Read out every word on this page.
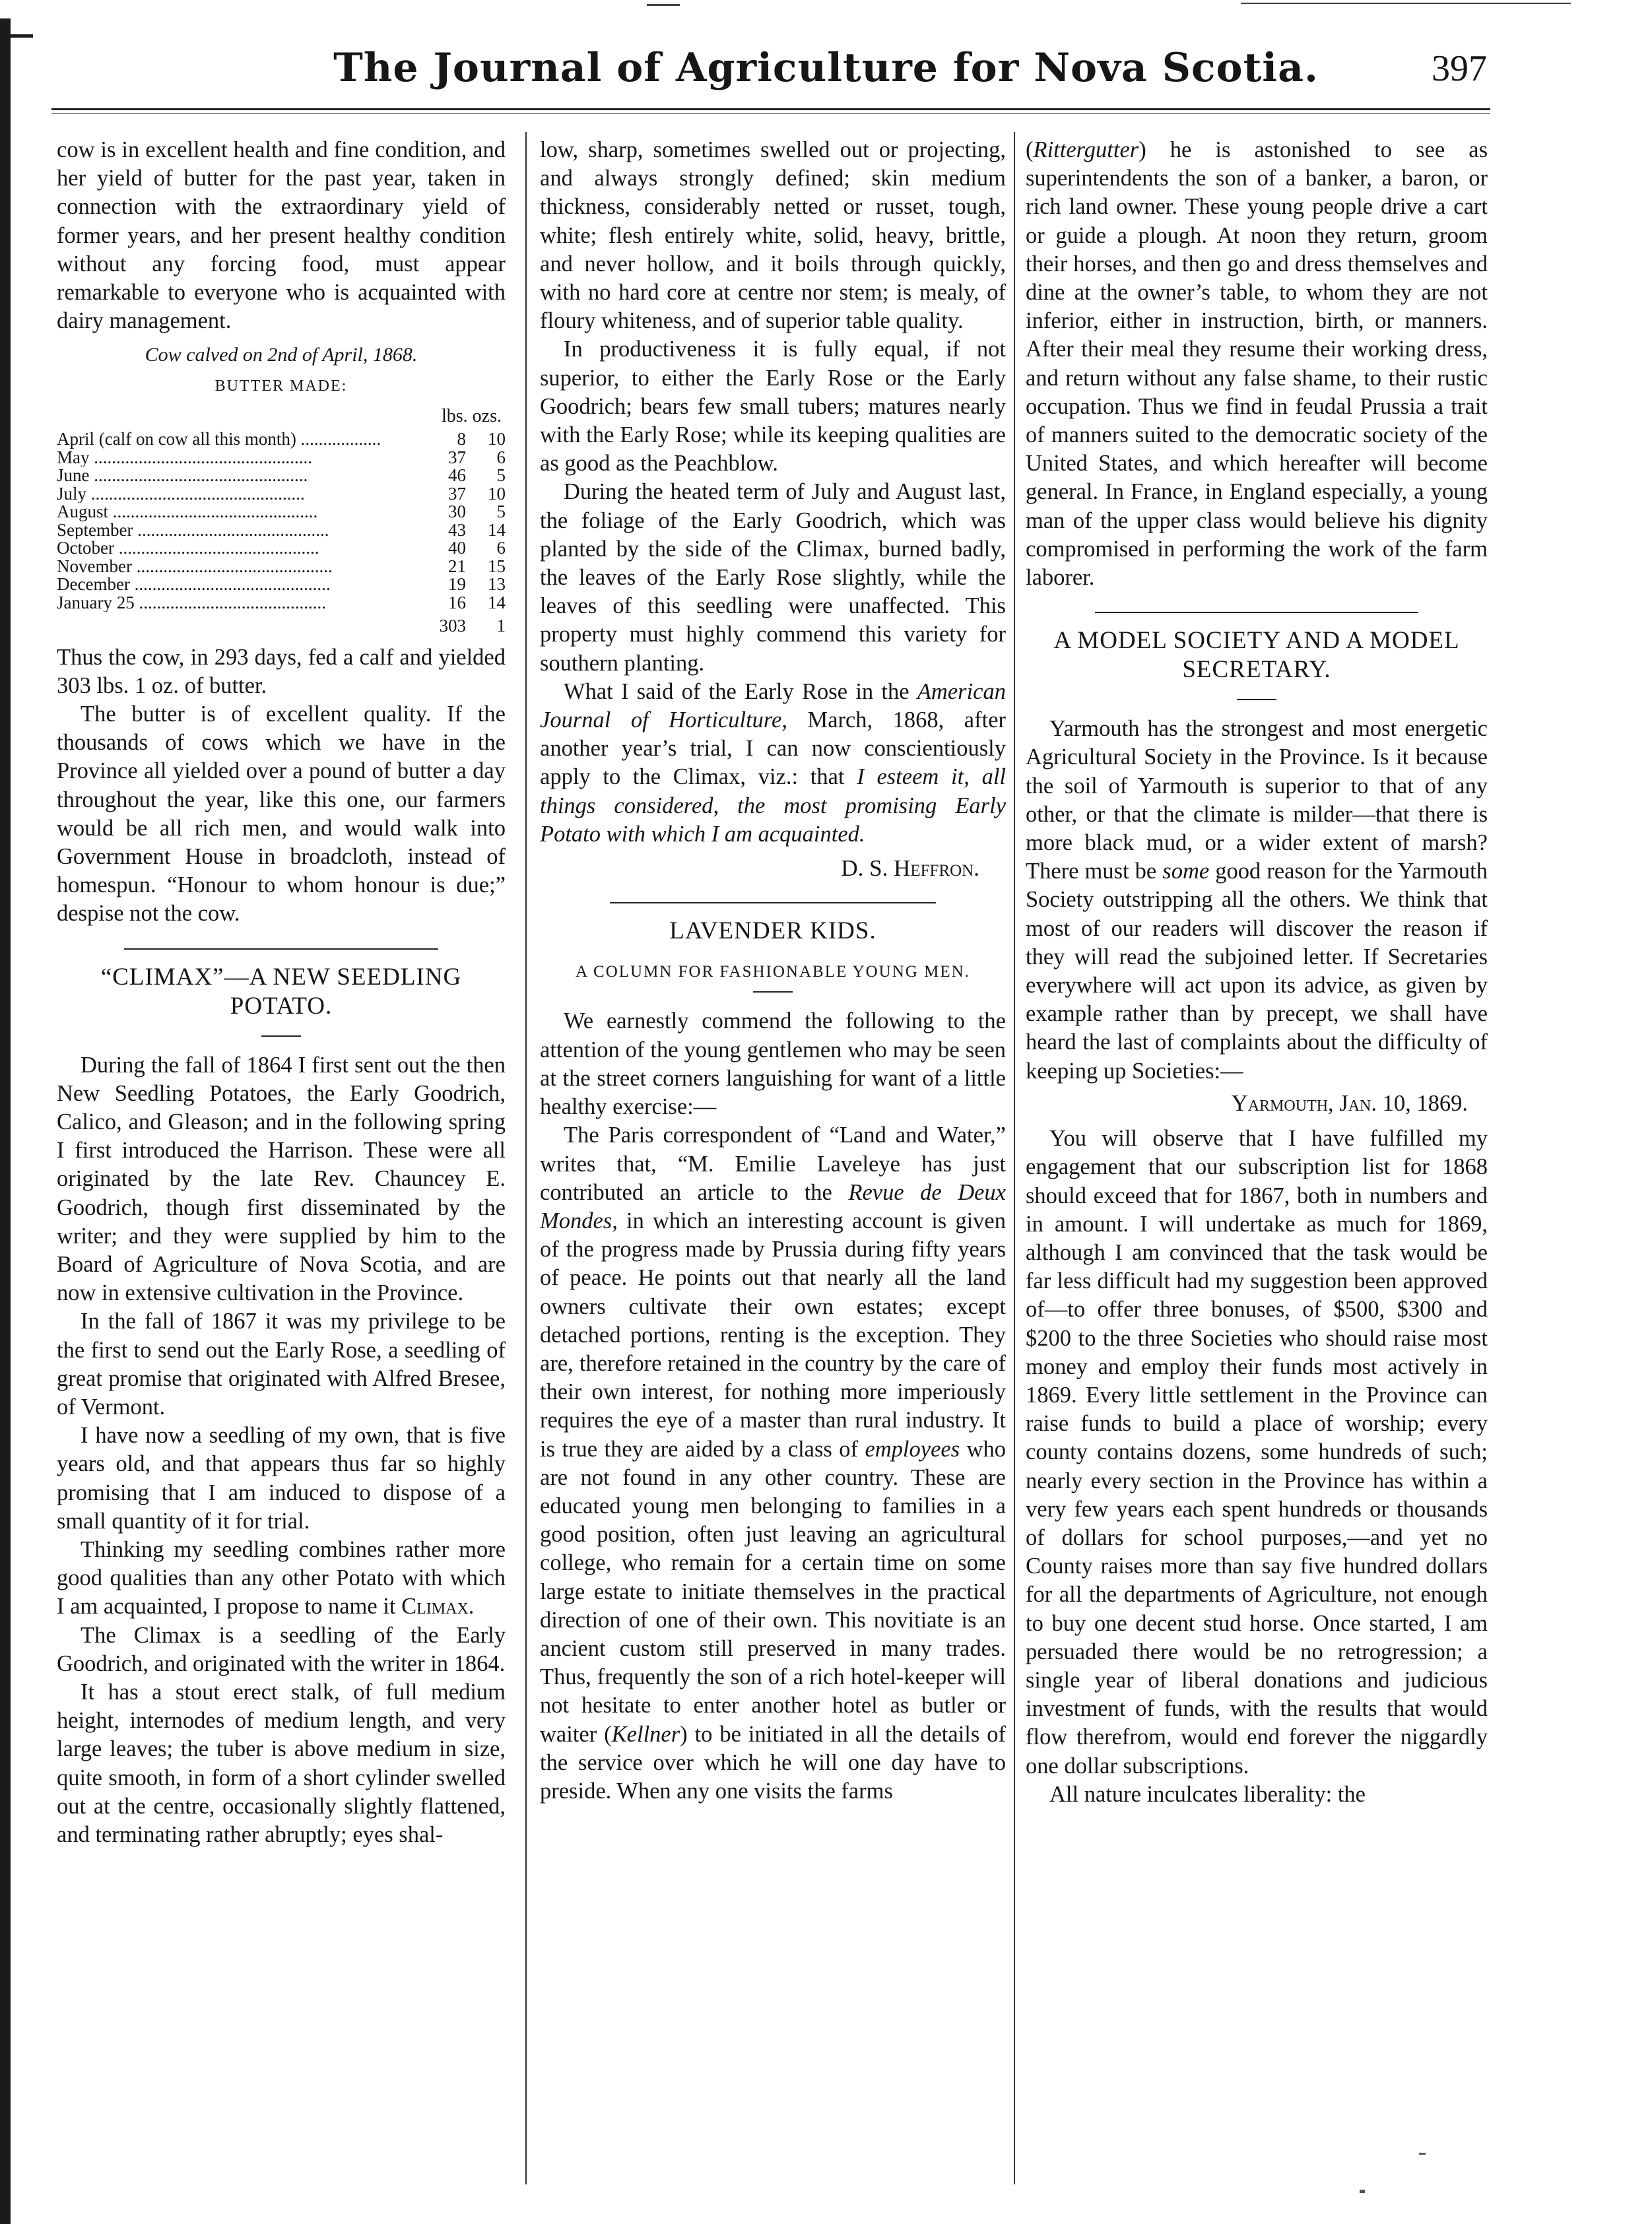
The Journal of Agriculture for Nova Scotia.	397

cow is in excellent health and fine condition, and her yield of butter for the past year, taken in connection with the extraordinary yield of former years, and her present healthy condition without any forcing food, must appear remarkable to everyone who is acquainted with dairy management.

Cow calved on 2nd of April, 1868.
BUTTER MADE:
lbs. ozs.
April (calf on cow all this month) ..................	8	10
May .................................................	37	6
June ................................................	46	5
July ................................................	37	10
August ..............................................	30	5
September ...........................................	43	14
October .............................................	40	6
November ............................................	21	15
December ............................................	19	13
January 25 ..........................................	16	14
	303	1

Thus the cow, in 293 days, fed a calf and yielded 303 lbs. 1 oz. of butter.

The butter is of excellent quality. If the thousands of cows which we have in the Province all yielded over a pound of butter a day throughout the year, like this one, our farmers would be all rich men, and would walk into Government House in broadcloth, instead of homespun. “Honour to whom honour is due;” despise not the cow.

“CLIMAX”—A NEW SEEDLING POTATO.

During the fall of 1864 I first sent out the then New Seedling Potatoes, the Early Goodrich, Calico, and Gleason; and in the following spring I first introduced the Harrison. These were all originated by the late Rev. Chauncey E. Goodrich, though first disseminated by the writer; and they were supplied by him to the Board of Agriculture of Nova Scotia, and are now in extensive cultivation in the Province.

In the fall of 1867 it was my privilege to be the first to send out the Early Rose, a seedling of great promise that originated with Alfred Bresee, of Vermont.

I have now a seedling of my own, that is five years old, and that appears thus far so highly promising that I am induced to dispose of a small quantity of it for trial.

Thinking my seedling combines rather more good qualities than any other Potato with which I am acquainted, I propose to name it Climax.

The Climax is a seedling of the Early Goodrich, and originated with the writer in 1864.

It has a stout erect stalk, of full medium height, internodes of medium length, and very large leaves; the tuber is above medium in size, quite smooth, in form of a short cylinder swelled out at the centre, occasionally slightly flattened, and terminating rather abruptly; eyes shal-

low, sharp, sometimes swelled out or projecting, and always strongly defined; skin medium thickness, considerably netted or russet, tough, white; flesh entirely white, solid, heavy, brittle, and never hollow, and it boils through quickly, with no hard core at centre nor stem; is mealy, of floury whiteness, and of superior table quality.

In productiveness it is fully equal, if not superior, to either the Early Rose or the Early Goodrich; bears few small tubers; matures nearly with the Early Rose; while its keeping qualities are as good as the Peachblow.

During the heated term of July and August last, the foliage of the Early Goodrich, which was planted by the side of the Climax, burned badly, the leaves of the Early Rose slightly, while the leaves of this seedling were unaffected. This property must highly commend this variety for southern planting.

What I said of the Early Rose in the American Journal of Horticulture, March, 1868, after another year’s trial, I can now conscientiously apply to the Climax, viz.: that I esteem it, all things considered, the most promising Early Potato with which I am acquainted.

D. S. Heffron.
LAVENDER KIDS.
A COLUMN FOR FASHIONABLE YOUNG MEN.

We earnestly commend the following to the attention of the young gentlemen who may be seen at the street corners languishing for want of a little healthy exercise:—

The Paris correspondent of “Land and Water,” writes that, “M. Emilie Laveleye has just contributed an article to the Revue de Deux Mondes, in which an interesting account is given of the progress made by Prussia during fifty years of peace. He points out that nearly all the land owners cultivate their own estates; except detached portions, renting is the exception. They are, therefore retained in the country by the care of their own interest, for nothing more imperiously requires the eye of a master than rural industry. It is true they are aided by a class of employees who are not found in any other country. These are educated young men belonging to families in a good position, often just leaving an agricultural college, who remain for a certain time on some large estate to initiate themselves in the practical direction of one of their own. This novitiate is an ancient custom still preserved in many trades. Thus, frequently the son of a rich hotel-keeper will not hesitate to enter another hotel as butler or waiter (Kellner) to be initiated in all the details of the service over which he will one day have to preside. When any one visits the farms

(Rittergutter) he is astonished to see as superintendents the son of a banker, a baron, or rich land owner. These young people drive a cart or guide a plough. At noon they return, groom their horses, and then go and dress themselves and dine at the owner’s table, to whom they are not inferior, either in instruction, birth, or manners. After their meal they resume their working dress, and return without any false shame, to their rustic occupation. Thus we find in feudal Prussia a trait of manners suited to the democratic society of the United States, and which hereafter will become general. In France, in England especially, a young man of the upper class would believe his dignity compromised in performing the work of the farm laborer.

A MODEL SOCIETY AND A MODEL SECRETARY.

Yarmouth has the strongest and most energetic Agricultural Society in the Province. Is it because the soil of Yarmouth is superior to that of any other, or that the climate is milder—that there is more black mud, or a wider extent of marsh? There must be some good reason for the Yarmouth Society outstripping all the others. We think that most of our readers will discover the reason if they will read the subjoined letter. If Secretaries everywhere will act upon its advice, as given by example rather than by precept, we shall have heard the last of complaints about the difficulty of keeping up Societies:—

Yarmouth, Jan. 10, 1869.

You will observe that I have fulfilled my engagement that our subscription list for 1868 should exceed that for 1867, both in numbers and in amount. I will undertake as much for 1869, although I am convinced that the task would be far less difficult had my suggestion been approved of—to offer three bonuses, of $500, $300 and $200 to the three Societies who should raise most money and employ their funds most actively in 1869. Every little settlement in the Province can raise funds to build a place of worship; every county contains dozens, some hundreds of such; nearly every section in the Province has within a very few years each spent hundreds or thousands of dollars for school purposes,—and yet no County raises more than say five hundred dollars for all the departments of Agriculture, not enough to buy one decent stud horse. Once started, I am persuaded there would be no retrogression; a single year of liberal donations and judicious investment of funds, with the results that would flow therefrom, would end forever the niggardly one dollar subscriptions.

All nature inculcates liberality: the
